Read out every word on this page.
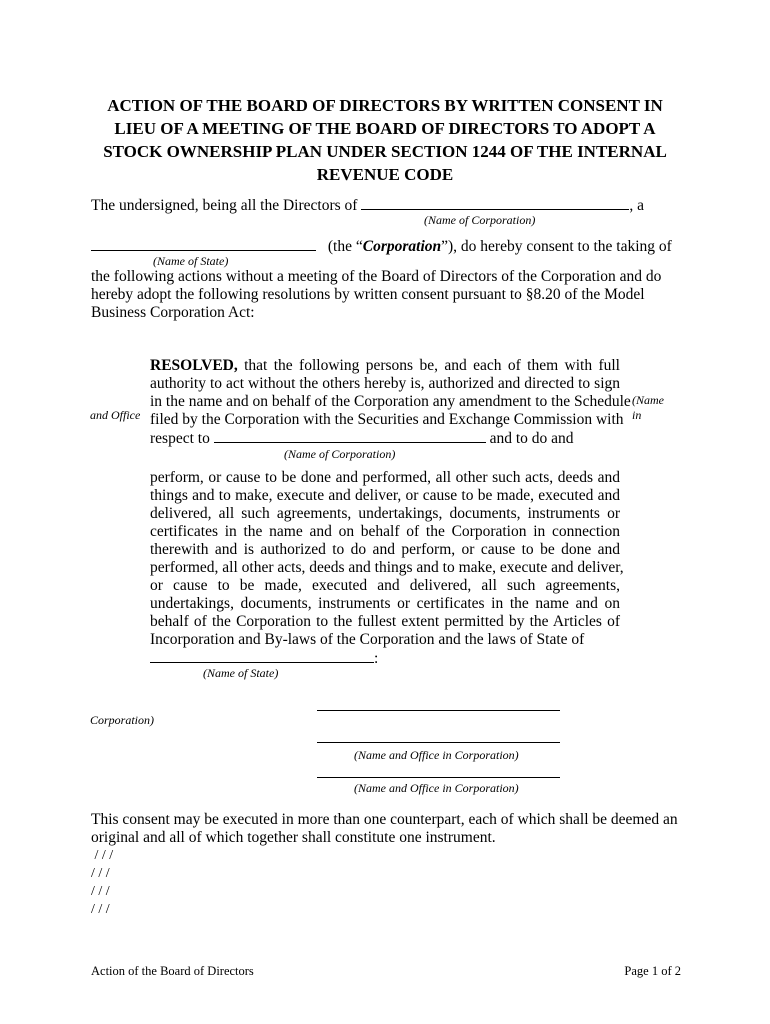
ACTION OF THE BOARD OF DIRECTORS BY WRITTEN CONSENT IN
LIEU OF A MEETING OF THE BOARD OF DIRECTORS TO ADOPT A
STOCK OWNERSHIP PLAN UNDER SECTION 1244 OF THE INTERNAL
REVENUE CODE
The undersigned, being all the Directors of	, a
(Name of Corporation)
(the “Corporation”), do hereby consent to the taking of
(Name of State)
the following actions without a meeting of the Board of Directors of the Corporation and do
hereby adopt the following resolutions by written consent pursuant to §8.20 of the Model
Business Corporation Act:
RESOLVED, that the following persons be, and each of them with full
authority to act without the others hereby is, authorized and directed to sign
in the name and on behalf of the Corporation any amendment to the Schedule
filed by the Corporation with the Securities and Exchange Commission with
respect to	and to do and
(Name of Corporation)
and Office
(Name
in
perform, or cause to be done and performed, all other such acts, deeds and
things and to make, execute and deliver, or cause to be made, executed and
delivered, all such agreements, undertakings, documents, instruments or
certificates in the name and on behalf of the Corporation in connection
therewith and is authorized to do and perform, or cause to be done and
performed, all other acts, deeds and things and to make, execute and deliver,
or cause to be made, executed and delivered, all such agreements,
undertakings, documents, instruments or certificates in the name and on
behalf of the Corporation to the fullest extent permitted by the Articles of
Incorporation and By-laws of the Corporation and the laws of State of
:
(Name of State)
Corporation)
(Name and Office in Corporation)
(Name and Office in Corporation)
This consent may be executed in more than one counterpart, each of which shall be deemed an
original and all of which together shall constitute one instrument.
/ / /
/ / /
/ / /
/ / /
Action of the Board of Directors	Page 1 of 2
